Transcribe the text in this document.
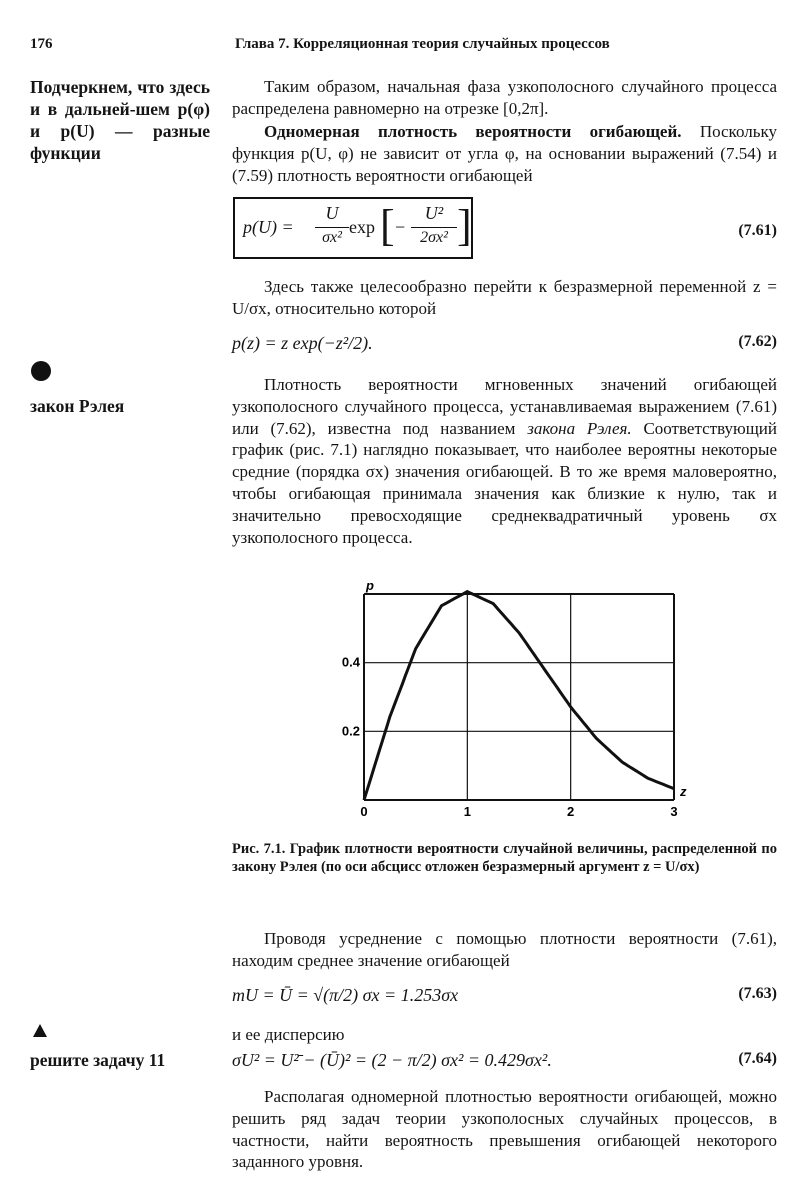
176	Глава 7. Корреляционная теория случайных процессов
Подчеркнем, что здесь и в дальней-шем p(φ) и p(U) — разные функции
закон Рэлея
решите задачу 11

Таким образом, начальная фаза узкополосного случайного процесса распределена равномерно на отрезке [0,2π].

Одномерная плотность вероятности огибающей. Поскольку функция p(U, φ) не зависит от угла φ, на основании выражений (7.54) и (7.59) плотность вероятности огибающей

p(U) =
U
σx²
exp [ −
U²
2σx² ]	(7.61)

Здесь также целесообразно перейти к безразмерной переменной z = U/σx, относительно которой

p(z) = z exp(−z²/2).	(7.62)

Плотность вероятности мгновенных значений огибающей узкополосного случайного процесса, устанавливаемая выражением (7.61) или (7.62), известна под названием закона Рэлея. Соответствующий график (рис. 7.1) наглядно показывает, что наиболее вероятны некоторые средние (порядка σx) значения огибающей. В то же время маловероятно, чтобы огибающая принимала значения как близкие к нулю, так и значительно превосходящие среднеквадратичный уровень σx узкополосного процесса.

0	1	2	3
0.2
0.4
p
z
Рис. 7.1. График плотности вероятности случайной величины, распределенной по закону Рэлея (по оси абсцисс отложен безразмерный аргумент z = U/σx)

Проводя усреднение с помощью плотности вероятности (7.61), находим среднее значение огибающей

mU = Ū = √(π/2) σx = 1.253σx	(7.63)

и ее дисперсию

σU² = U²̄ − (Ū)² = (2 − π/2) σx² = 0.429σx².	(7.64)

Располагая одномерной плотностью вероятности огибающей, можно решить ряд задач теории узкополосных случайных процессов, в частности, найти вероятность превышения огибающей некоторого заданного уровня.
